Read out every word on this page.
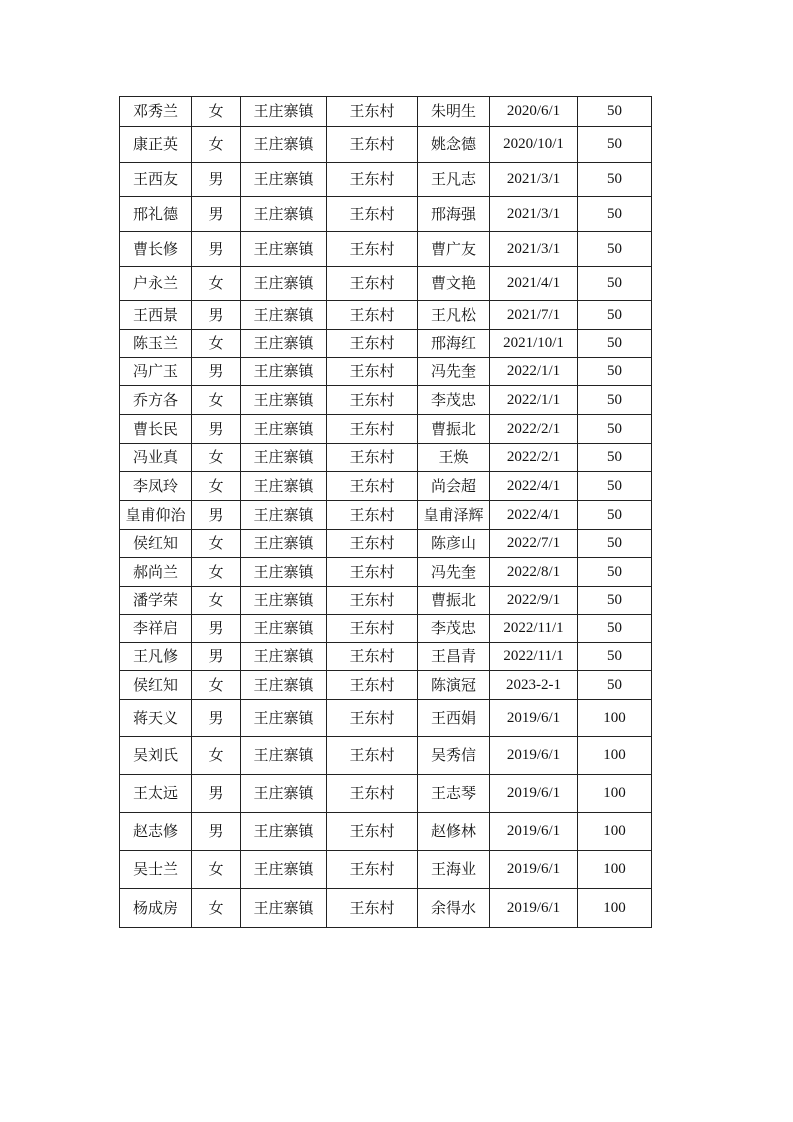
邓秀兰	女	王庄寨镇	王东村	朱明生	2020/6/1	50
康正英	女	王庄寨镇	王东村	姚念德	2020/10/1	50
王西友	男	王庄寨镇	王东村	王凡志	2021/3/1	50
邢礼德	男	王庄寨镇	王东村	邢海强	2021/3/1	50
曹长修	男	王庄寨镇	王东村	曹广友	2021/3/1	50
户永兰	女	王庄寨镇	王东村	曹文艳	2021/4/1	50
王西景	男	王庄寨镇	王东村	王凡松	2021/7/1	50
陈玉兰	女	王庄寨镇	王东村	邢海红	2021/10/1	50
冯广玉	男	王庄寨镇	王东村	冯先奎	2022/1/1	50
乔方各	女	王庄寨镇	王东村	李茂忠	2022/1/1	50
曹长民	男	王庄寨镇	王东村	曹振北	2022/2/1	50
冯业真	女	王庄寨镇	王东村	王焕	2022/2/1	50
李凤玲	女	王庄寨镇	王东村	尚会超	2022/4/1	50
皇甫仰治	男	王庄寨镇	王东村	皇甫泽辉	2022/4/1	50
侯红知	女	王庄寨镇	王东村	陈彦山	2022/7/1	50
郝尚兰	女	王庄寨镇	王东村	冯先奎	2022/8/1	50
潘学荣	女	王庄寨镇	王东村	曹振北	2022/9/1	50
李祥启	男	王庄寨镇	王东村	李茂忠	2022/11/1	50
王凡修	男	王庄寨镇	王东村	王昌青	2022/11/1	50
侯红知	女	王庄寨镇	王东村	陈演冠	2023-2-1	50
蒋天义	男	王庄寨镇	王东村	王西娟	2019/6/1	100
吴刘氏	女	王庄寨镇	王东村	吴秀信	2019/6/1	100
王太远	男	王庄寨镇	王东村	王志琴	2019/6/1	100
赵志修	男	王庄寨镇	王东村	赵修林	2019/6/1	100
吴士兰	女	王庄寨镇	王东村	王海业	2019/6/1	100
杨成房	女	王庄寨镇	王东村	余得水	2019/6/1	100
